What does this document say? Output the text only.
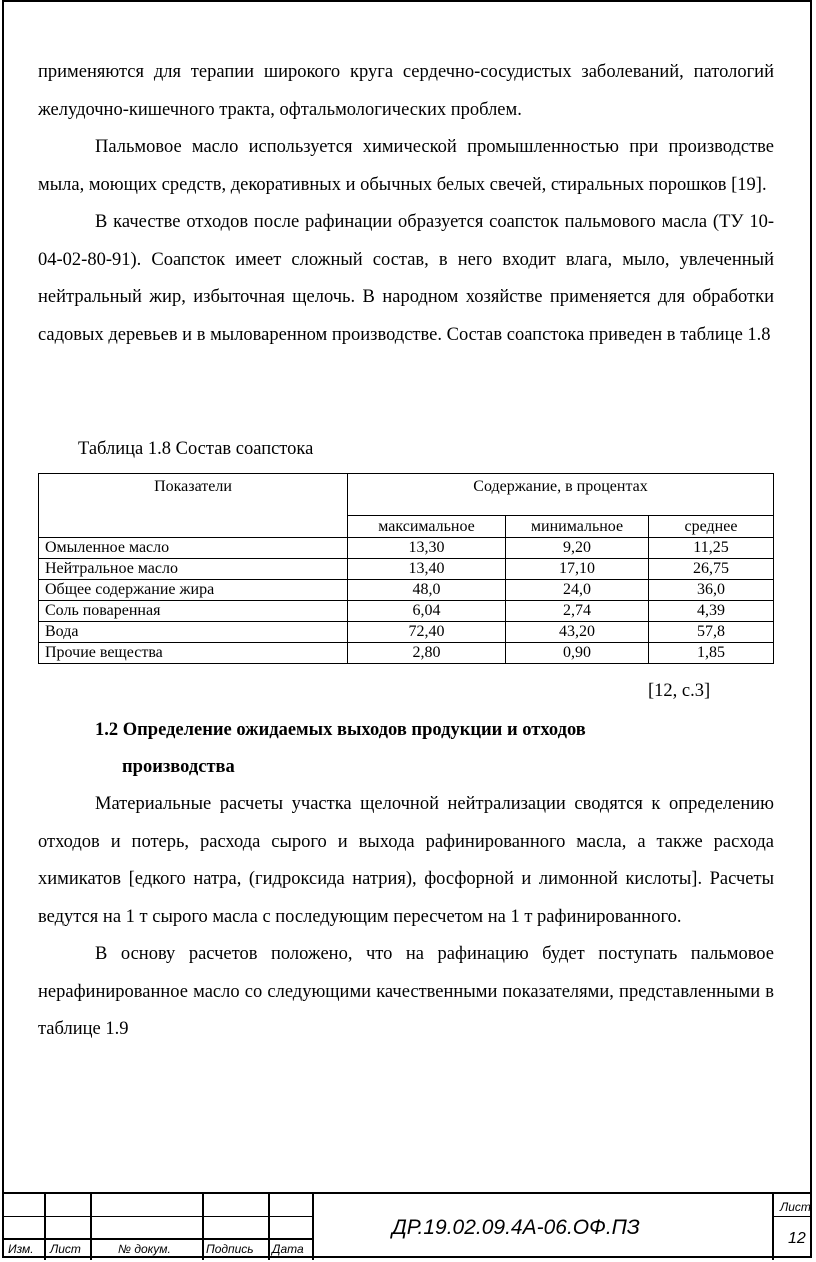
применяются для терапии широкого круга сердечно-сосудистых заболеваний, патологий желудочно-кишечного тракта, офтальмологических проблем.

Пальмовое масло используется химической промышленностью при производстве мыла, моющих средств, декоративных и обычных белых свечей, стиральных порошков [19].

В качестве отходов после рафинации образуется соапсток пальмового масла (ТУ 10-04-02-80-91). Соапсток имеет сложный состав, в него входит влага, мыло, увлеченный нейтральный жир, избыточная щелочь. В народном хозяйстве применяется для обработки садовых деревьев и в мыловаренном производстве. Состав соапстока приведен в таблице 1.8

Таблица 1.8 Состав соапстока
Показатели	Содержание, в процентах		
	максимальное	минимальное	среднее
Омыленное масло	13,30	9,20	11,25
Нейтральное масло	13,40	17,10	26,75
Общее содержание жира	48,0	24,0	36,0
Соль поваренная	6,04	2,74	4,39
Вода	72,40	43,20	57,8
Прочие вещества	2,80	0,90	1,85
[12, с.3]
1.2 Определение ожидаемых выходов продукции и отходов
производства

Материальные расчеты участка щелочной нейтрализации сводятся к определению отходов и потерь, расхода сырого и выхода рафинированного масла, а также расхода химикатов [едкого натра, (гидроксида натрия), фосфорной и лимонной кислоты]. Расчеты ведутся на 1 т сырого масла с последующим пересчетом на 1 т рафинированного.

В основу расчетов положено, что на рафинацию будет поступать пальмовое нерафинированное масло со следующими качественными показателями, представленными в таблице 1.9

Изм. Лист	№ докум.	Подпись Дата
ДР.19.02.09.4А-06.ОФ.ПЗ
Лист
12
